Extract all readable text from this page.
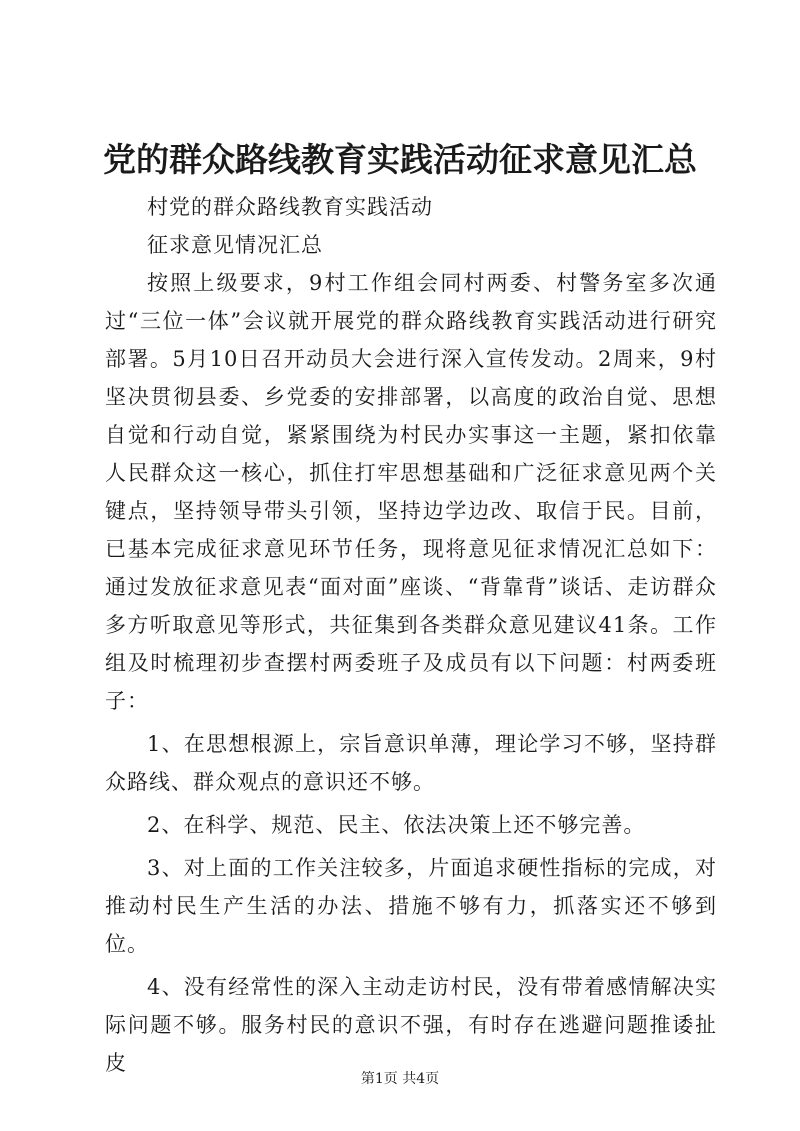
党的群众路线教育实践活动征求意见汇总

村党的群众路线教育实践活动

征求意见情况汇总

按照上级要求，9村工作组会同村两委、村警务室多次通过“三位一体”会议就开展党的群众路线教育实践活动进行研究部署。5月10日召开动员大会进行深入宣传发动。2周来，9村坚决贯彻县委、乡党委的安排部署，以高度的政治自觉、思想自觉和行动自觉，紧紧围绕为村民办实事这一主题，紧扣依靠人民群众这一核心，抓住打牢思想基础和广泛征求意见两个关键点，坚持领导带头引领，坚持边学边改、取信于民。目前，已基本完成征求意见环节任务，现将意见征求情况汇总如下：通过发放征求意见表“面对面”座谈、“背靠背”谈话、走访群众多方听取意见等形式，共征集到各类群众意见建议41条。工作组及时梳理初步查摆村两委班子及成员有以下问题：村两委班子：

1、在思想根源上，宗旨意识单薄，理论学习不够，坚持群众路线、群众观点的意识还不够。

2、在科学、规范、民主、依法决策上还不够完善。

3、对上面的工作关注较多，片面追求硬性指标的完成，对推动村民生产生活的办法、措施不够有力，抓落实还不够到位。

4、没有经常性的深入主动走访村民，没有带着感情解决实际问题不够。服务村民的意识不强，有时存在逃避问题推诿扯皮

第1页 共4页
